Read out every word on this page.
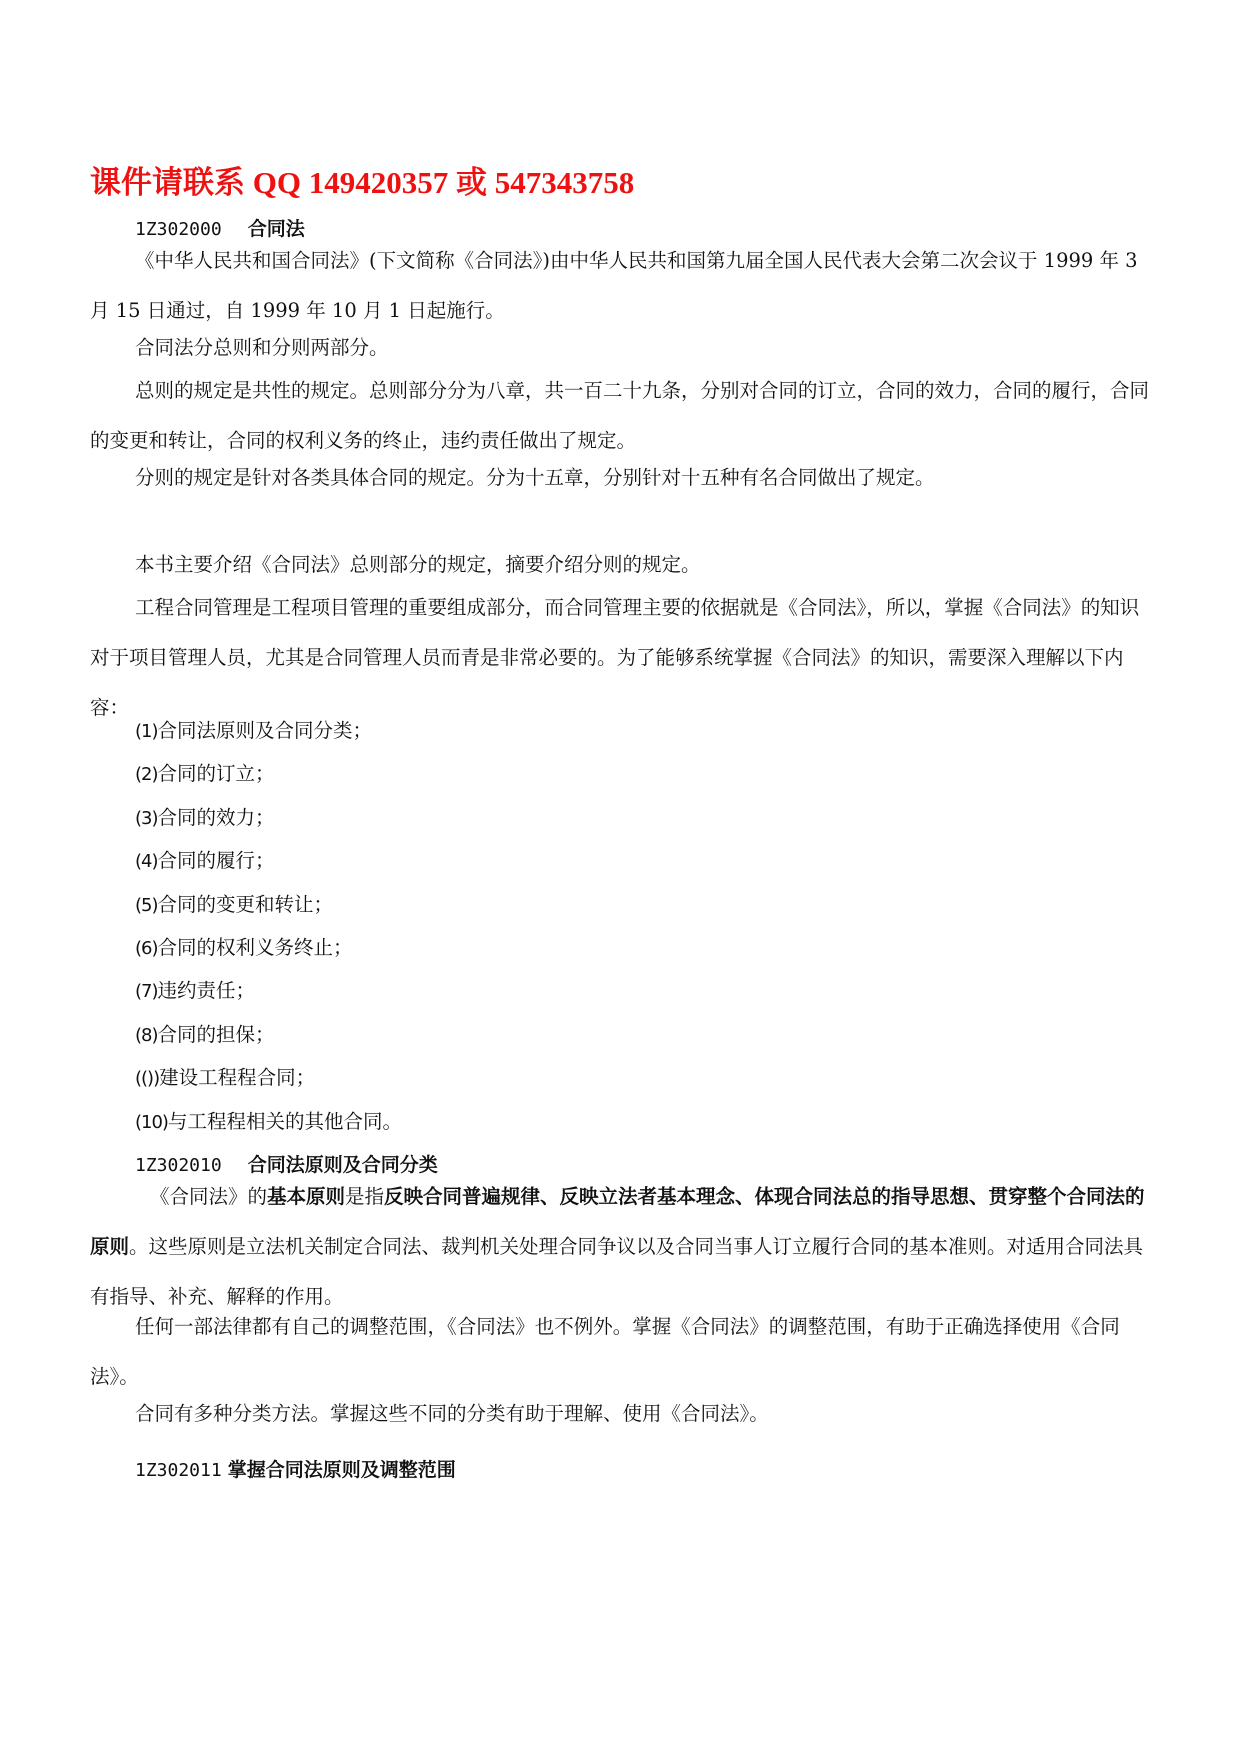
课件请联系 QQ 149420357 或 547343758
1Z302000 合同法
《中华人民共和国合同法》(下文简称《合同法》)由中华人民共和国第九届全国人民代表大会第二次会议于 1999 年 3 月 15 日通过，自 1999 年 10 月 1 日起施行。
合同法分总则和分则两部分。
总则的规定是共性的规定。总则部分分为八章，共一百二十九条，分别对合同的订立，合同的效力，合同的履行，合同的变更和转让，合同的权利义务的终止，违约责任做出了规定。
分则的规定是针对各类具体合同的规定。分为十五章，分别针对十五种有名合同做出了规定。
本书主要介绍《合同法》总则部分的规定，摘要介绍分则的规定。
工程合同管理是工程项目管理的重要组成部分，而合同管理主要的依据就是《合同法》，所以，掌握《合同法》的知识对于项目管理人员，尤其是合同管理人员而青是非常必要的。为了能够系统掌握《合同法》的知识，需要深入理解以下内容：
(1)合同法原则及合同分类；
(2)合同的订立；
(3)合同的效力；
(4)合同的履行；
(5)合同的变更和转让；
(6)合同的权利义务终止；
(7)违约责任；
(8)合同的担保；
(())建设工程程合同；
(10)与工程程相关的其他合同。
1Z302010 合同法原则及合同分类
《合同法》的基本原则是指反映合同普遍规律、反映立法者基本理念、体现合同法总的指导思想、贯穿整个合同法的原则。这些原则是立法机关制定合同法、裁判机关处理合同争议以及合同当事人订立履行合同的基本准则。对适用合同法具有指导、补充、解释的作用。
任何一部法律都有自己的调整范围，《合同法》也不例外。掌握《合同法》的调整范围，有助于正确选择使用《合同法》。
合同有多种分类方法。掌握这些不同的分类有助于理解、使用《合同法》。
1Z302011 掌握合同法原则及调整范围
